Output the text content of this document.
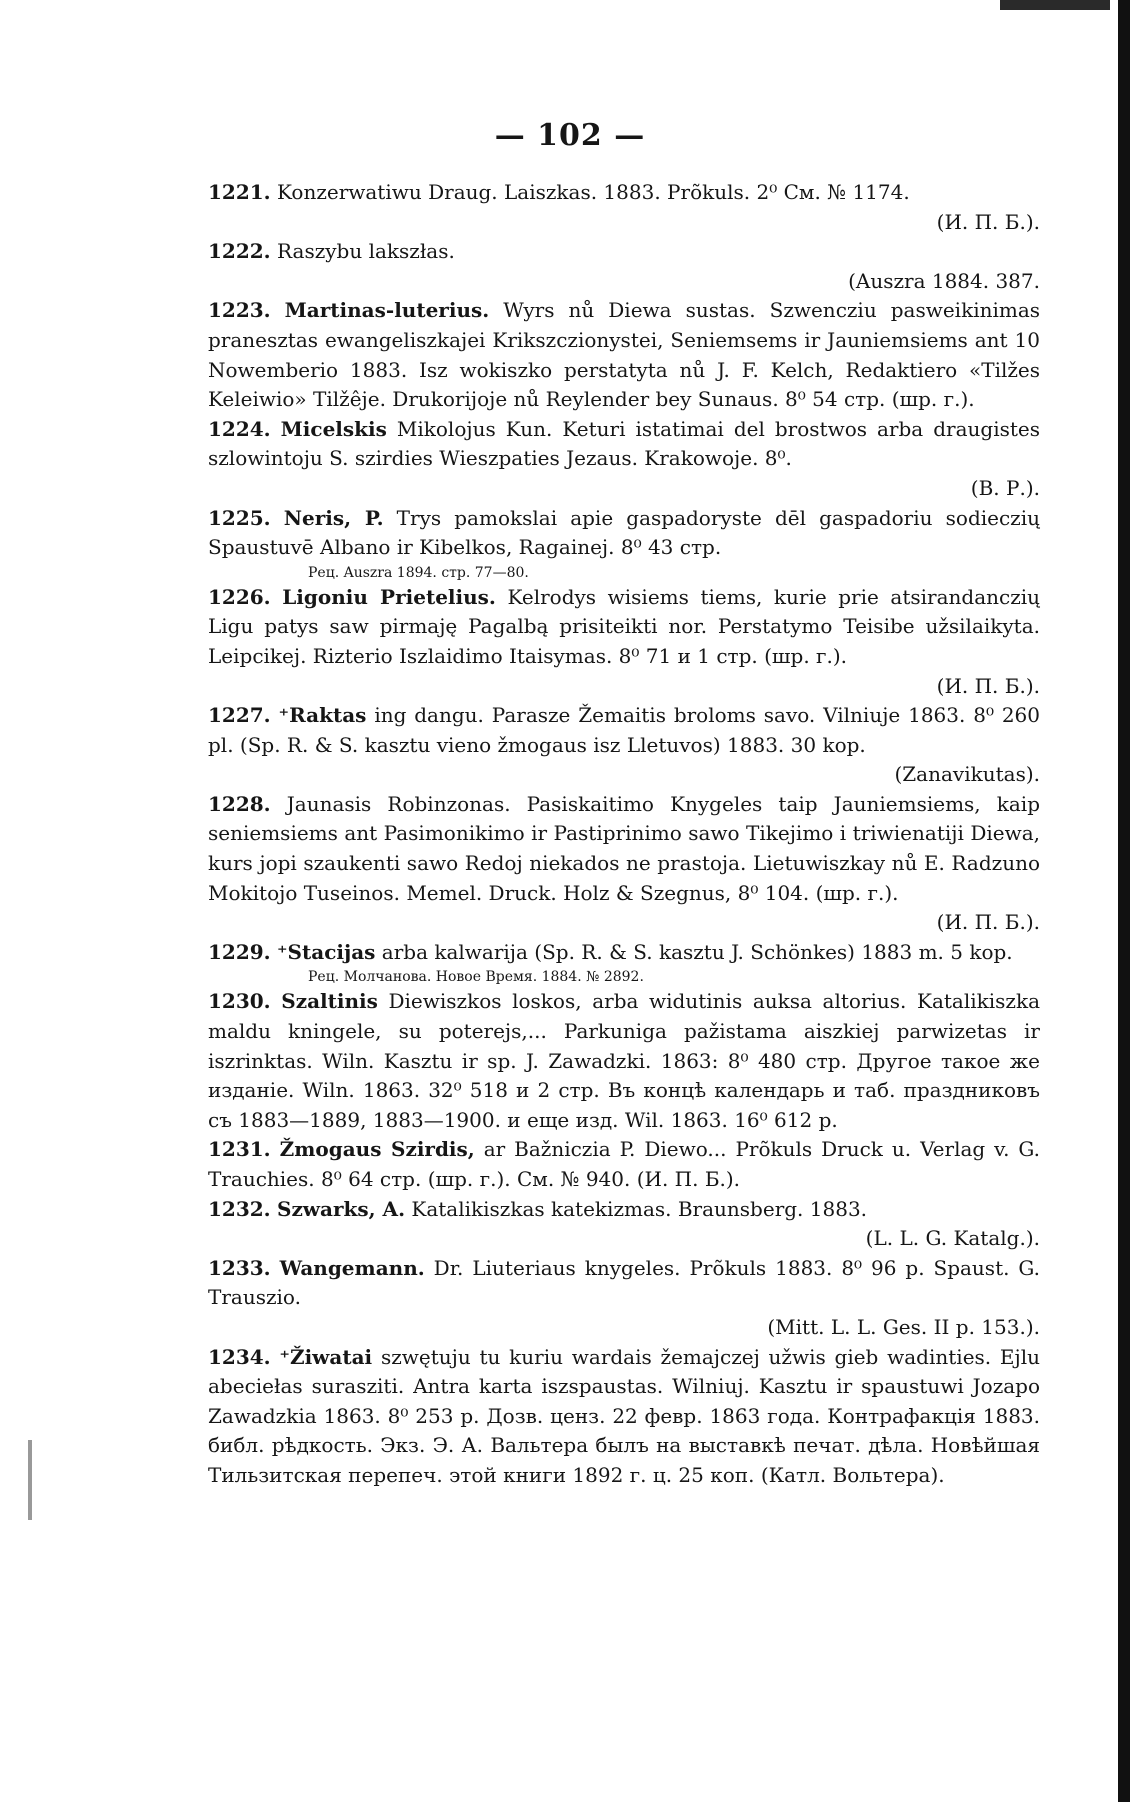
— 102 —

1221. Konzerwatiwu Draug. Laiszkas. 1883. Prõkuls. 2⁰ См. № 1174.
(И. П. Б.).

1222. Raszybu lakszłas.
(Auszra 1884. 387.

1223. Martinas-luterius. Wyrs nů Diewa sustas. Szwencziu pasweikinimas pranesztas ewangeliszkajei Krikszczionystei, Seniemsems ir Jauniemsiems ant 10 Nowemberio 1883. Isz wokiszko perstatyta nů J. F. Kelch, Redaktiero «Tilžes Keleiwio» Tilžêje. Drukorijoje nů Reylender bey Sunaus. 8⁰ 54 стр. (шр. г.).

1224. Micelskis Mikolojus Kun. Keturi istatimai del brostwos arba draugistes szlowintoju S. szirdies Wieszpaties Jezaus. Krakowoje. 8⁰.
(В. Р.).

1225. Neris, P. Trys pamokslai apie gaspadoryste dēl gaspadoriu sodieczių Spaustuvē Albano ir Kibelkos, Ragainej. 8⁰ 43 стр.
Рец. Auszra 1894. стр. 77—80.

1226. Ligoniu Prietelius. Kelrodys wisiems tiems, kurie prie atsirandanczių Ligu patys saw pirmaję Pagalbą prisiteikti nor. Perstatymo Teisibe užsilaikyta. Leipcikej. Rizterio Iszlaidimo Itaisymas. 8⁰ 71 и 1 стр. (шр. г.).
(И. П. Б.).

1227. ⁺Raktas ing dangu. Parasze Žemaitis broloms savo. Vilniuje 1863. 8⁰ 260 pl. (Sp. R. & S. kasztu vieno žmogaus isz Lletuvos) 1883. 30 kop.
(Zanavikutas).

1228. Jaunasis Robinzonas. Pasiskaitimo Knygeles taip Jauniemsiems, kaip seniemsiems ant Pasimonikimo ir Pastiprinimo sawo Tikejimo i triwienatiji Diewa, kurs jopi szaukenti sawo Redoj niekados ne prastoja. Lietuwiszkay nů E. Radzuno Mokitojo Tuseinos. Memel. Druck. Holz & Szegnus, 8⁰ 104. (шр. г.).
(И. П. Б.).

1229. ⁺Stacijas arba kalwarija (Sp. R. & S. kasztu J. Schönkes) 1883 m. 5 kop.
Рец. Молчанова. Новое Время. 1884. № 2892.

1230. Szaltinis Diewiszkos loskos, arba widutinis auksa altorius. Katalikiszka maldu kningele, su poterejs,... Parkuniga pažistama aiszkiej parwizetas ir iszrinktas. Wiln. Kasztu ir sp. J. Zawadzki. 1863: 8⁰ 480 стр. Другое такое же изданіе. Wiln. 1863. 32⁰ 518 и 2 стр. Въ концѣ календарь и таб. праздниковъ съ 1883—1889, 1883—1900. и еще изд. Wil. 1863. 16⁰ 612 p.

1231. Žmogaus Szirdis, ar Bažniczia P. Diewo... Prõkuls Druck u. Verlag v. G. Trauchies. 8⁰ 64 стр. (шр. г.). См. № 940. (И. П. Б.).

1232. Szwarks, A. Katalikiszkas katekizmas. Braunsberg. 1883.
(L. L. G. Katalg.).

1233. Wangemann. Dr. Liuteriaus knygeles. Prõkuls 1883. 8⁰ 96 p. Spaust. G. Trauszio.
(Mitt. L. L. Ges. II p. 153.).

1234. ⁺Žiwatai szwętuju tu kuriu wardais žemajczej užwis gieb wadinties. Ejlu abeciełas surasziti. Antra karta iszspaustas. Wilniuj. Kasztu ir spaustuwi Jozapo Zawadzkia 1863. 8⁰ 253 р. Дозв. ценз. 22 февр. 1863 года. Контрафакція 1883. библ. рѣдкость. Экз. Э. А. Вальтера былъ на выставкѣ печат. дѣла. Новѣйшая Тильзитская перепеч. этой книги 1892 г. ц. 25 коп. (Катл. Вольтера).
